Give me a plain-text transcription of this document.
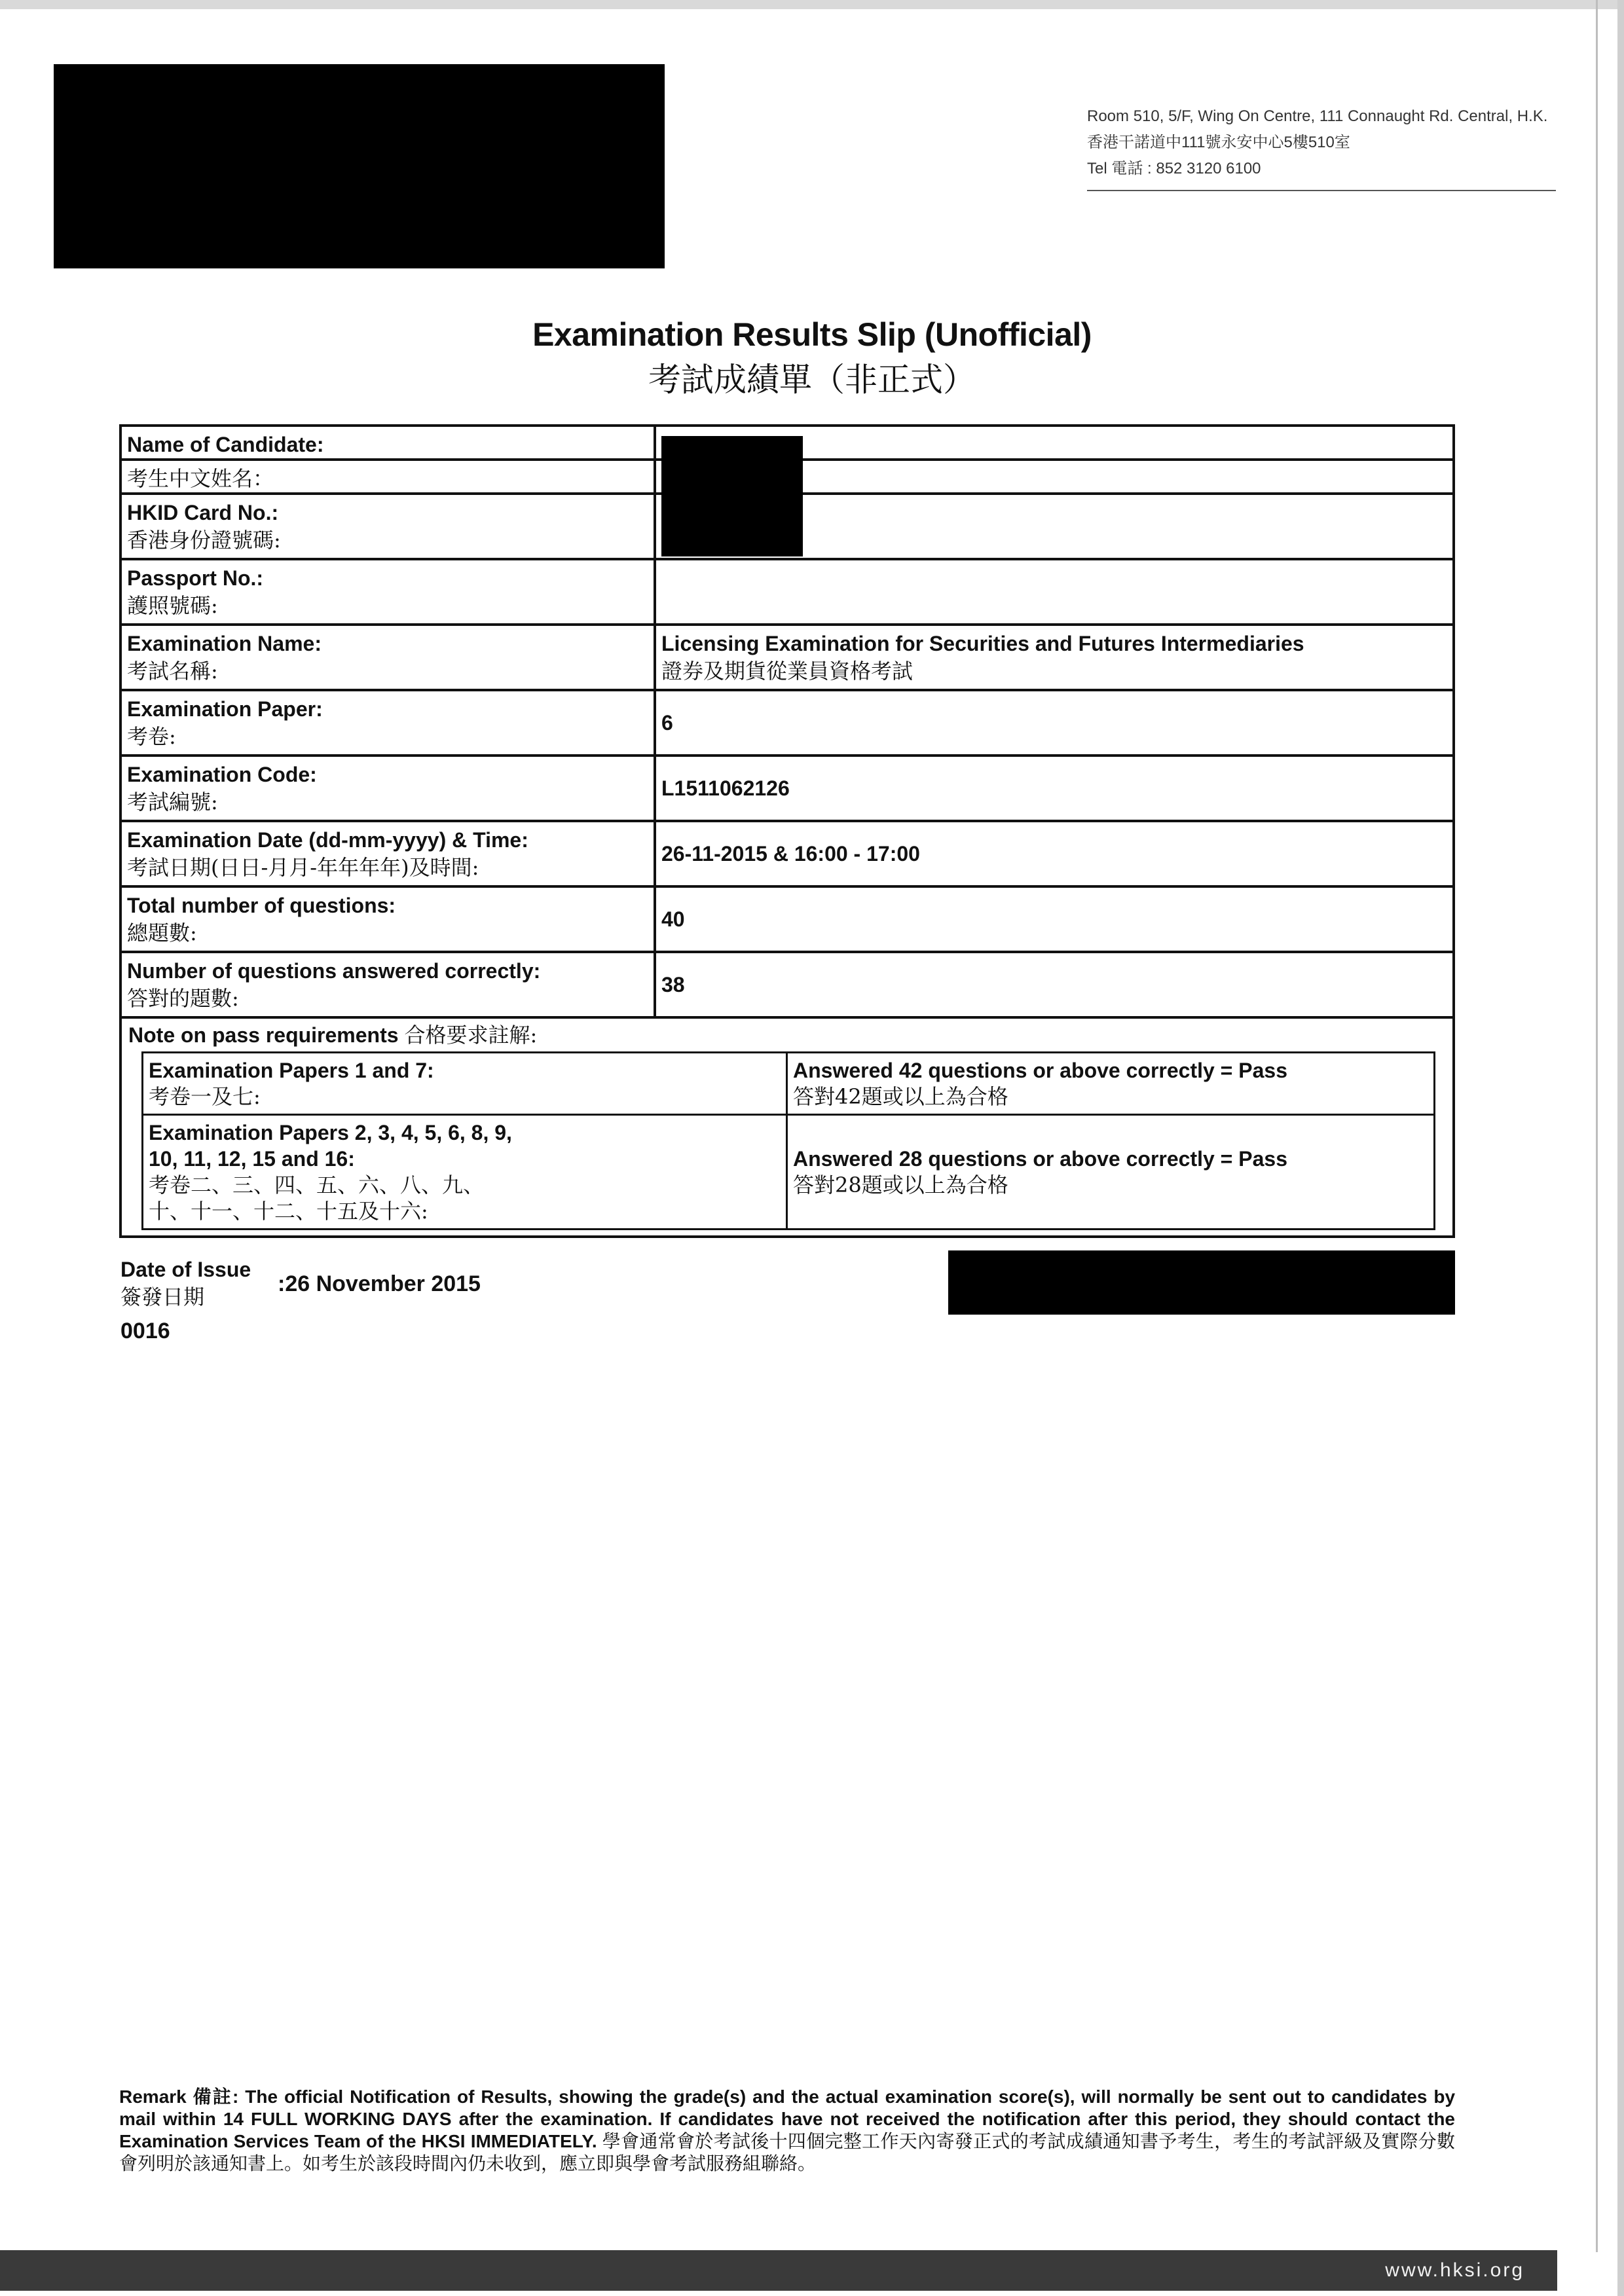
Room 510, 5/F, Wing On Centre, 111 Connaught Rd. Central, H.K.
香港干諾道中111號永安中心5樓510室
Tel 電話 : 852 3120 6100
Examination Results Slip (Unofficial)
考試成績單（非正式）
Name of Candidate:
考生中文姓名：
HKID Card No.:
香港身份證號碼:
Passport No.:
護照號碼:
Examination Name:
考試名稱:
Licensing Examination for Securities and Futures Intermediaries
證券及期貨從業員資格考試
Examination Paper:
考卷:
6
Examination Code:
考試編號:
L1511062126
Examination Date (dd-mm-yyyy) & Time:
考試日期(日日-月月-年年年年)及時間:
26-11-2015 & 16:00 - 17:00
Total number of questions:
總題數:
40
Number of questions answered correctly:
答對的題數:
38
Note on pass requirements 合格要求註解:
Examination Papers 1 and 7:
考卷一及七:
Answered 42 questions or above correctly = Pass
答對42題或以上為合格
Examination Papers 2, 3, 4, 5, 6, 8, 9,
10, 11, 12, 15 and 16:
考卷二、三、四、五、六、八、九、
十、十一、十二、十五及十六:
Answered 28 questions or above correctly = Pass
答對28題或以上為合格
Date of Issue
簽發日期
:26 November 2015
0016
Remark 備註: The official Notification of Results, showing the grade(s) and the actual examination score(s), will normally be sent out to candidates by mail within 14 FULL WORKING DAYS after the examination. If candidates have not received the notification after this period, they should contact the Examination Services Team of the HKSI IMMEDIATELY. 學會通常會於考試後十四個完整工作天內寄發正式的考試成績通知書予考生，考生的考試評級及實際分數會列明於該通知書上。如考生於該段時間內仍未收到，應立即與學會考試服務組聯絡。
www.hksi.org
